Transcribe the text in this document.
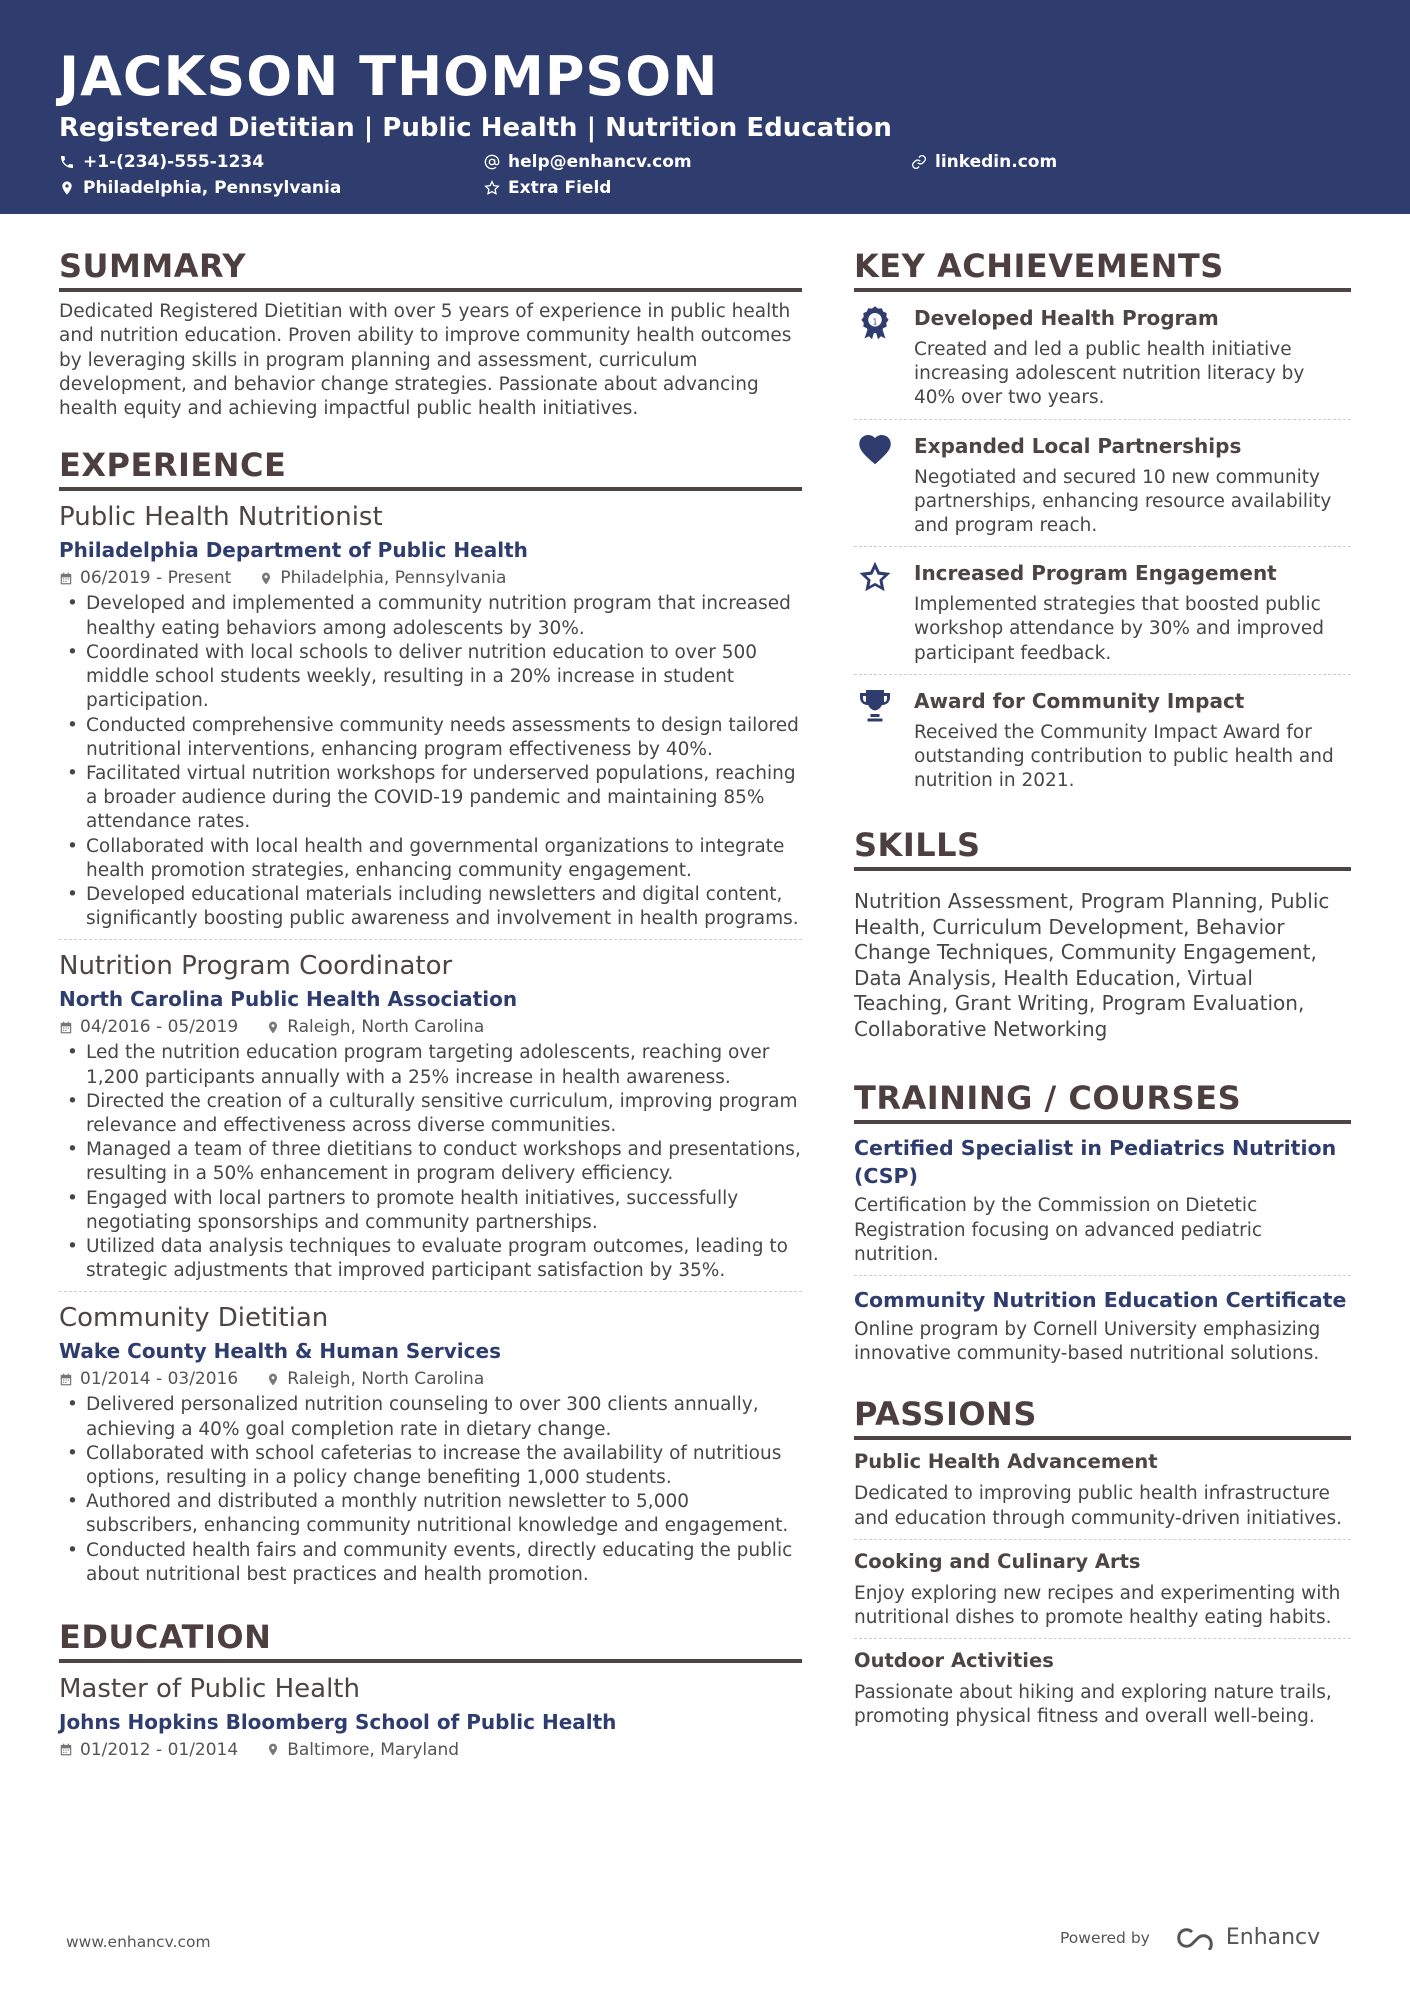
JACKSON THOMPSON
Registered Dietitian | Public Health | Nutrition Education
+1-(234)-555-1234	help@enhancv.com	linkedin.com
Philadelphia, Pennsylvania	Extra Field
SUMMARY
Dedicated Registered Dietitian with over 5 years of experience in public health and nutrition education. Proven ability to improve community health outcomes by leveraging skills in program planning and assessment, curriculum development, and behavior change strategies. Passionate about advancing health equity and achieving impactful public health initiatives.
EXPERIENCE
Public Health Nutritionist
Philadelphia Department of Public Health
06/2019 - Present	Philadelphia, Pennsylvania
• Developed and implemented a community nutrition program that increased healthy eating behaviors among adolescents by 30%.
• Coordinated with local schools to deliver nutrition education to over 500 middle school students weekly, resulting in a 20% increase in student participation.
• Conducted comprehensive community needs assessments to design tailored nutritional interventions, enhancing program effectiveness by 40%.
• Facilitated virtual nutrition workshops for underserved populations, reaching a broader audience during the COVID-19 pandemic and maintaining 85% attendance rates.
• Collaborated with local health and governmental organizations to integrate health promotion strategies, enhancing community engagement.
• Developed educational materials including newsletters and digital content, significantly boosting public awareness and involvement in health programs.
Nutrition Program Coordinator
North Carolina Public Health Association
04/2016 - 05/2019	Raleigh, North Carolina
• Led the nutrition education program targeting adolescents, reaching over 1,200 participants annually with a 25% increase in health awareness.
• Directed the creation of a culturally sensitive curriculum, improving program relevance and effectiveness across diverse communities.
• Managed a team of three dietitians to conduct workshops and presentations, resulting in a 50% enhancement in program delivery efficiency.
• Engaged with local partners to promote health initiatives, successfully negotiating sponsorships and community partnerships.
• Utilized data analysis techniques to evaluate program outcomes, leading to strategic adjustments that improved participant satisfaction by 35%.
Community Dietitian
Wake County Health & Human Services
01/2014 - 03/2016	Raleigh, North Carolina
• Delivered personalized nutrition counseling to over 300 clients annually, achieving a 40% goal completion rate in dietary change.
• Collaborated with school cafeterias to increase the availability of nutritious options, resulting in a policy change benefiting 1,000 students.
• Authored and distributed a monthly nutrition newsletter to 5,000 subscribers, enhancing community nutritional knowledge and engagement.
• Conducted health fairs and community events, directly educating the public about nutritional best practices and health promotion.
EDUCATION
Master of Public Health
Johns Hopkins Bloomberg School of Public Health
01/2012 - 01/2014	Baltimore, Maryland
KEY ACHIEVEMENTS
1 Developed Health Program
Created and led a public health initiative increasing adolescent nutrition literacy by 40% over two years.
Expanded Local Partnerships
Negotiated and secured 10 new community partnerships, enhancing resource availability and program reach.
Increased Program Engagement
Implemented strategies that boosted public workshop attendance by 30% and improved participant feedback.
Award for Community Impact
Received the Community Impact Award for outstanding contribution to public health and nutrition in 2021.
SKILLS
Nutrition Assessment, Program Planning, Public Health, Curriculum Development, Behavior Change Techniques, Community Engagement, Data Analysis, Health Education, Virtual Teaching, Grant Writing, Program Evaluation, Collaborative Networking
TRAINING / COURSES
Certified Specialist in Pediatrics Nutrition (CSP)
Certification by the Commission on Dietetic Registration focusing on advanced pediatric nutrition.
Community Nutrition Education Certificate
Online program by Cornell University emphasizing innovative community-based nutritional solutions.
PASSIONS
Public Health Advancement
Dedicated to improving public health infrastructure and education through community-driven initiatives.
Cooking and Culinary Arts
Enjoy exploring new recipes and experimenting with nutritional dishes to promote healthy eating habits.
Outdoor Activities
Passionate about hiking and exploring nature trails, promoting physical fitness and overall well-being.
www.enhancv.com	Powered by	Enhancv
